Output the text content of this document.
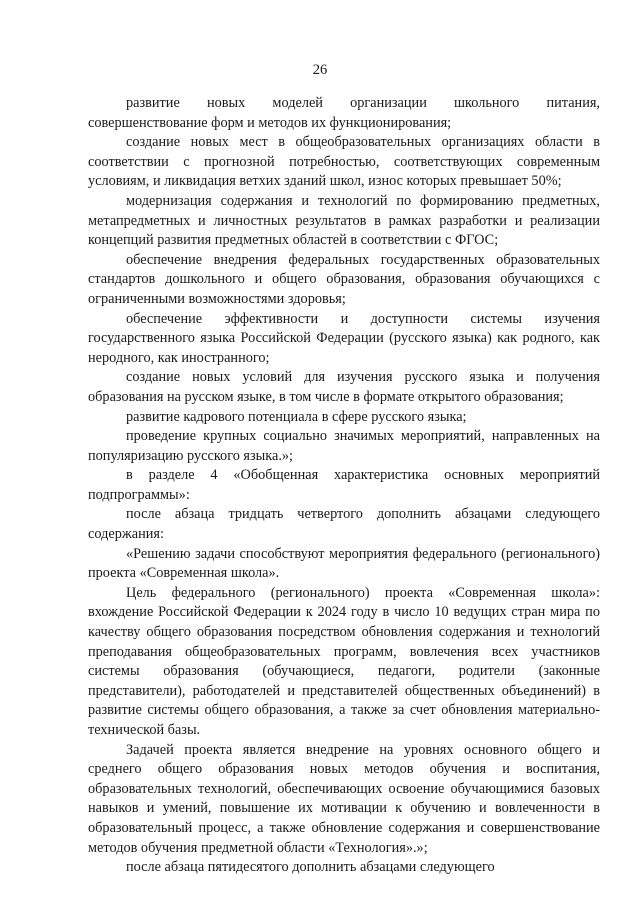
26

развитие новых моделей организации школьного питания, совершенствование форм и методов их функционирования;

создание новых мест в общеобразовательных организациях области в соответствии с прогнозной потребностью, соответствующих современным условиям, и ликвидация ветхих зданий школ, износ которых превышает 50%;

модернизация содержания и технологий по формированию предметных, метапредметных и личностных результатов в рамках разработки и реализации концепций развития предметных областей в соответствии с ФГОС;

обеспечение внедрения федеральных государственных образовательных стандартов дошкольного и общего образования, образования обучающихся с ограниченными возможностями здоровья;

обеспечение эффективности и доступности системы изучения государственного языка Российской Федерации (русского языка) как родного, как неродного, как иностранного;

создание новых условий для изучения русского языка и получения образования на русском языке, в том числе в формате открытого образования;

развитие кадрового потенциала в сфере русского языка;

проведение крупных социально значимых мероприятий, направленных на популяризацию русского языка.»;

в разделе 4 «Обобщенная характеристика основных мероприятий подпрограммы»:

после абзаца тридцать четвертого дополнить абзацами следующего содержания:

«Решению задачи способствуют мероприятия федерального (регионального) проекта «Современная школа».

Цель федерального (регионального) проекта «Современная школа»: вхождение Российской Федерации к 2024 году в число 10 ведущих стран мира по качеству общего образования посредством обновления содержания и технологий преподавания общеобразовательных программ, вовлечения всех участников системы образования (обучающиеся, педагоги, родители (законные представители), работодателей и представителей общественных объединений) в развитие системы общего образования, а также за счет обновления материально-технической базы.

Задачей проекта является внедрение на уровнях основного общего и среднего общего образования новых методов обучения и воспитания, образовательных технологий, обеспечивающих освоение обучающимися базовых навыков и умений, повышение их мотивации к обучению и вовлеченности в образовательный процесс, а также обновление содержания и совершенствование методов обучения предметной области «Технология».»;

после абзаца пятидесятого дополнить абзацами следующего
